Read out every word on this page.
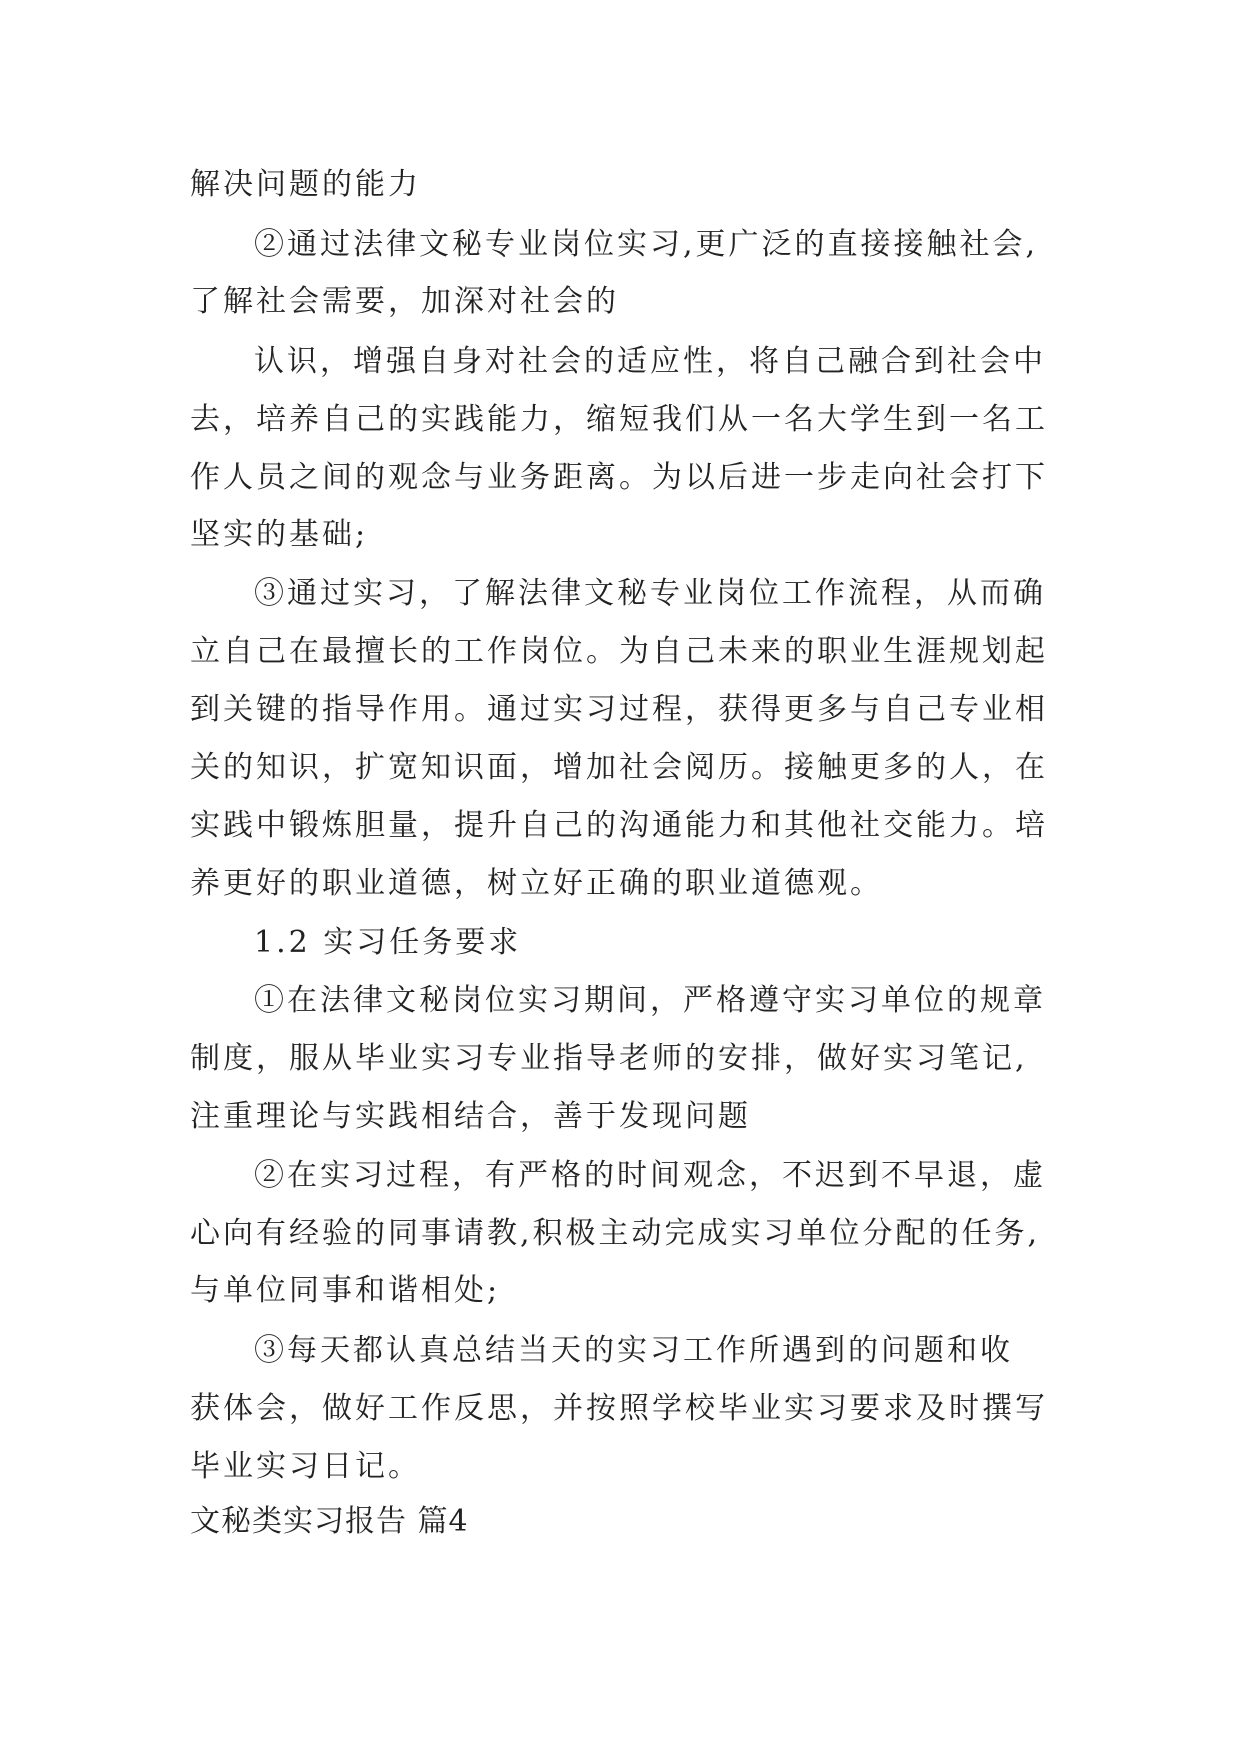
解决问题的能力
②通过法律文秘专业岗位实习,更广泛的直接接触社会,
了解社会需要，加深对社会的
认识，增强自身对社会的适应性，将自己融合到社会中
去，培养自己的实践能力，缩短我们从一名大学生到一名工
作人员之间的观念与业务距离。为以后进一步走向社会打下
坚实的基础;
③通过实习，了解法律文秘专业岗位工作流程，从而确
立自己在最擅长的工作岗位。为自己未来的职业生涯规划起
到关键的指导作用。通过实习过程，获得更多与自己专业相
关的知识，扩宽知识面，增加社会阅历。接触更多的人，在
实践中锻炼胆量，提升自己的沟通能力和其他社交能力。培
养更好的职业道德，树立好正确的职业道德观。
1.2 实习任务要求
①在法律文秘岗位实习期间，严格遵守实习单位的规章
制度，服从毕业实习专业指导老师的安排，做好实习笔记,
注重理论与实践相结合，善于发现问题
②在实习过程，有严格的时间观念，不迟到不早退，虚
心向有经验的同事请教,积极主动完成实习单位分配的任务,
与单位同事和谐相处;
③每天都认真总结当天的实习工作所遇到的问题和收
获体会，做好工作反思，并按照学校毕业实习要求及时撰写
毕业实习日记。
文秘类实习报告 篇4
